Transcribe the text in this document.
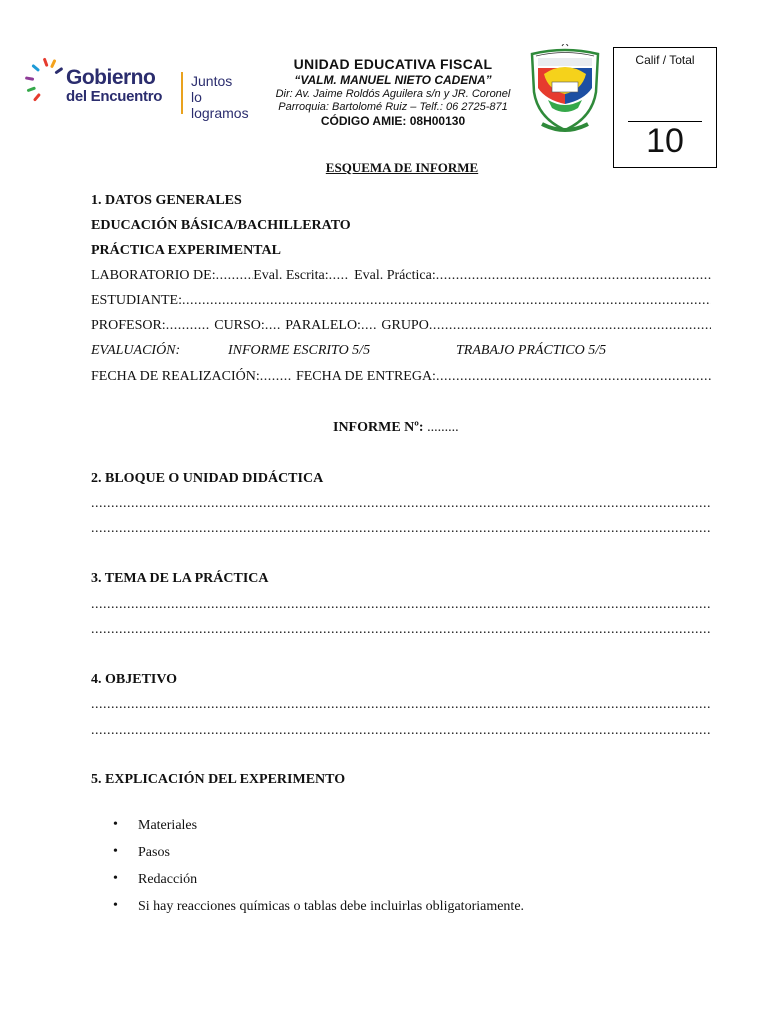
Gobierno
del Encuentro
Juntos
lo logramos
UNIDAD EDUCATIVA FISCAL
“VALM. MANUEL NIETO CADENA”
Dir: Av. Jaime Roldós Aguilera s/n y JR. Coronel
Parroquia: Bartolomé Ruiz – Telf.: 06 2725-871
CÓDIGO AMIE: 08H00130
Calif / Total
10
ESQUEMA DE INFORME
1. DATOS GENERALES
EDUCACIÓN BÁSICA/BACHILLERATO
PRÁCTICA EXPERIMENTAL
LABORATORIO DE: .....	Eval. Escrita: ..... Eval. Práctica:
.....
ESTUDIANTE:
.....
PROFESOR: .....	CURSO: ..... PARALELO: ..... GRUPO
.....
EVALUACIÓN:	INFORME ESCRITO 5/5	TRABAJO PRÁCTICO 5/5
FECHA DE REALIZACIÓN: .....	FECHA DE ENTREGA:
.....
INFORME Nº: .........
2. BLOQUE O UNIDAD DIDÁCTICA
.....
.....
3. TEMA DE LA PRÁCTICA
.....
.....
4. OBJETIVO
.....
.....
5. EXPLICACIÓN DEL EXPERIMENTO
• Materiales
• Pasos
• Redacción
• Si hay reacciones químicas o tablas debe incluirlas obligatoriamente.
